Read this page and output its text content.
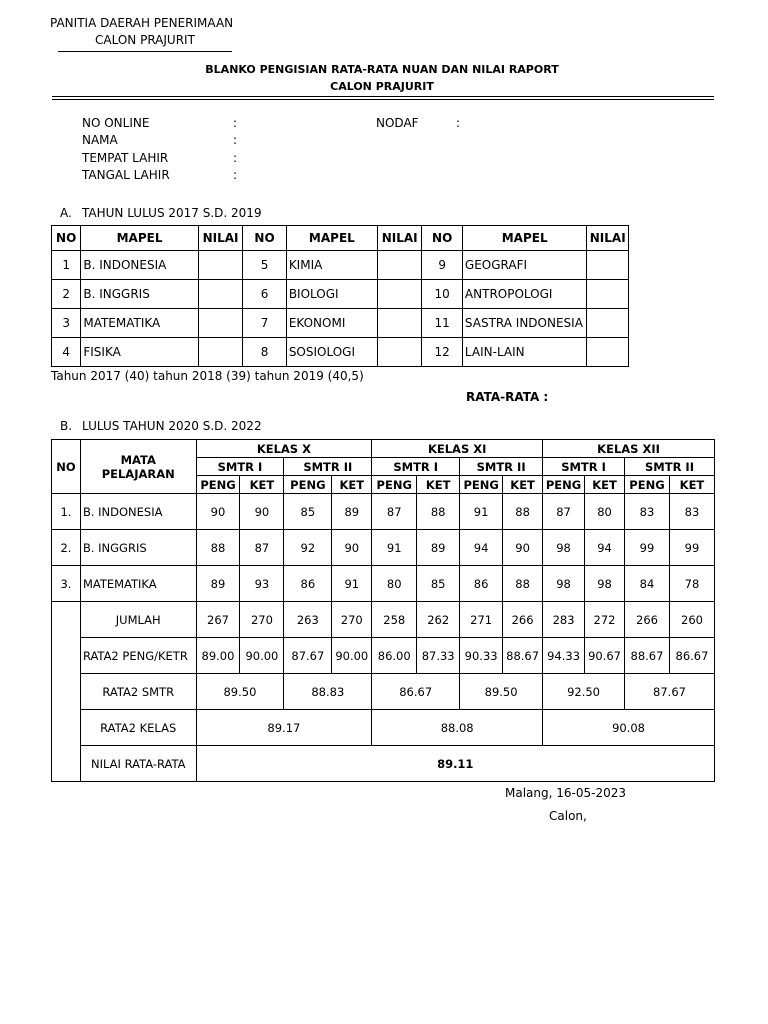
PANITIA DAERAH PENERIMAAN
CALON PRAJURIT
BLANKO PENGISIAN RATA-RATA NUAN DAN NILAI RAPORT
CALON PRAJURIT
NO ONLINE	:	NODAF	:
NAMA	:
TEMPAT LAHIR	:
TANGAL LAHIR	:
A. TAHUN LULUS 2017 S.D. 2019
NO	MAPEL	NILAI	NO	MAPEL	NILAI	NO	MAPEL	NILAI
1	B. INDONESIA		5	KIMIA		9	GEOGRAFI	
2	B. INGGRIS		6	BIOLOGI		10	ANTROPOLOGI	
3	MATEMATIKA		7	EKONOMI		11	SASTRA INDONESIA	
4	FISIKA		8	SOSIOLOGI		12	LAIN-LAIN	
Tahun 2017 (40) tahun 2018 (39) tahun 2019 (40,5)
RATA-RATA :
B. LULUS TAHUN 2020 S.D. 2022
NO	MATA PELAJARAN	KELAS X				KELAS XI				KELAS XII			
		SMTR I		SMTR II		SMTR I		SMTR II		SMTR I		SMTR II	
		PENG	KET	PENG	KET	PENG	KET	PENG	KET	PENG	KET	PENG	KET
1.	B. INDONESIA	90	90	85	89	87	88	91	88	87	80	83	83
2.	B. INGGRIS	88	87	92	90	91	89	94	90	98	94	99	99
3.	MATEMATIKA	89	93	86	91	80	85	86	88	98	98	84	78
	JUMLAH	267	270	263	270	258	262	271	266	283	272	266	260
	RATA2 PENG/KETR	89.00	90.00	87.67	90.00	86.00	87.33	90.33	88.67	94.33	90.67	88.67	86.67
	RATA2 SMTR	89.50		88.83		86.67		89.50		92.50		87.67	
	RATA2 KELAS	89.17				88.08				90.08			
	NILAI RATA-RATA	89.11											
Malang, 16-05-2023
Calon,
